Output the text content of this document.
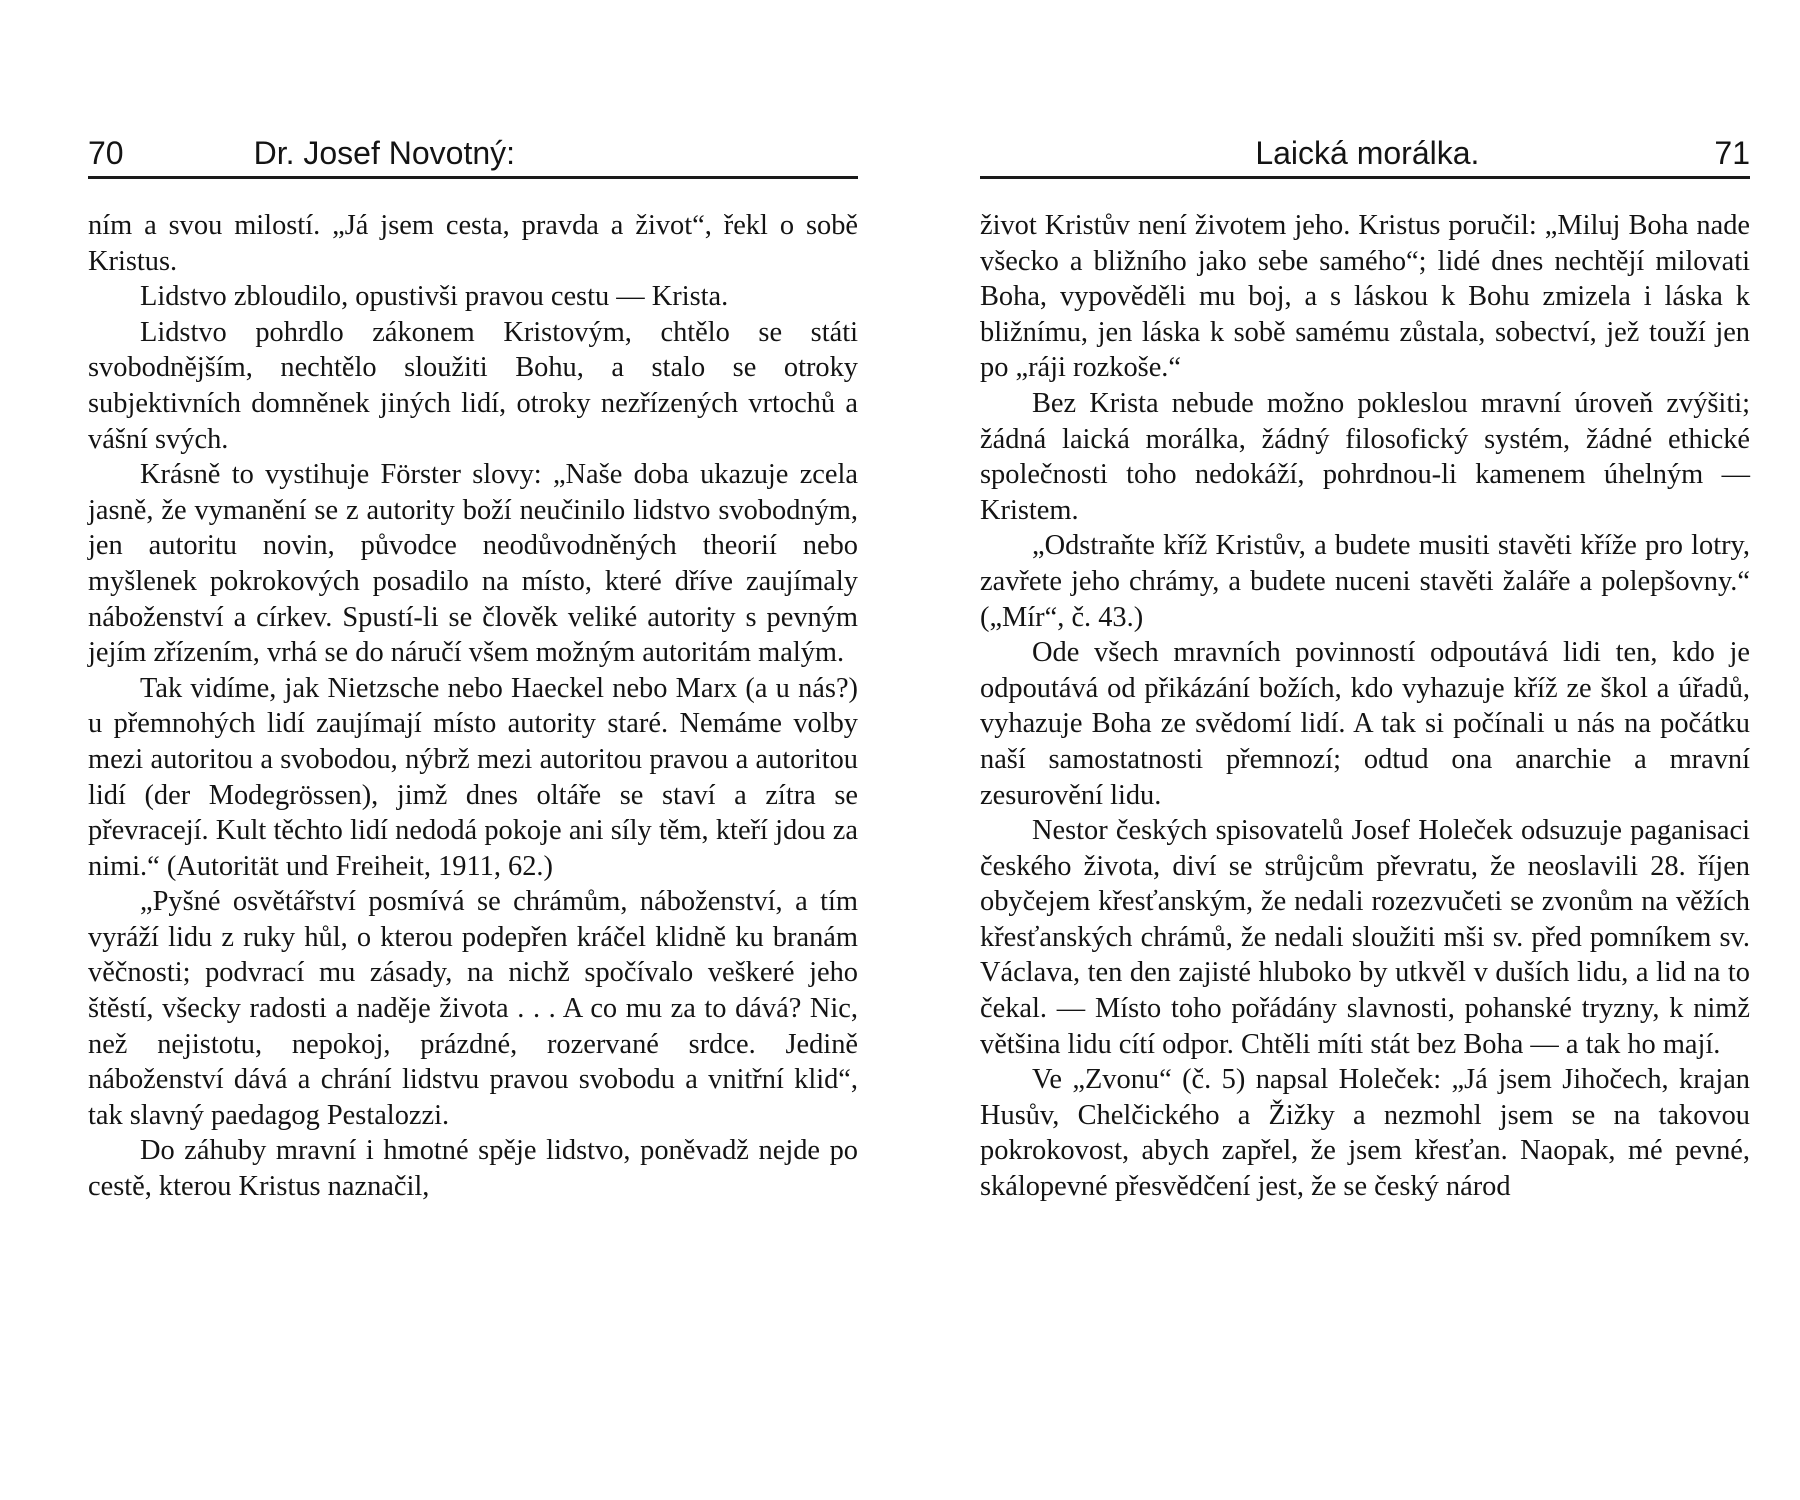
70	Dr. Josef Novotný:

ním a svou milostí. „Já jsem cesta, pravda a život“, řekl o sobě Kristus.

Lidstvo zbloudilo, opustivši pravou cestu — Krista.

Lidstvo pohrdlo zákonem Kristovým, chtělo se státi svobodnějším, nechtělo sloužiti Bohu, a stalo se otroky subjektivních domněnek jiných lidí, otroky nezřízených vrtochů a vášní svých.

Krásně to vystihuje Förster slovy: „Naše doba ukazuje zcela jasně, že vymanění se z autority boží neučinilo lidstvo svobodným, jen autoritu novin, původce neodůvodněných theorií nebo myšlenek pokrokových posadilo na místo, které dříve zaujímaly náboženství a církev. Spustí-li se člověk veliké autority s pevným jejím zřízením, vrhá se do náručí všem možným autoritám malým.

Tak vidíme, jak Nietzsche nebo Haeckel nebo Marx (a u nás?) u přemnohých lidí zaujímají místo autority staré. Nemáme volby mezi autoritou a svobodou, nýbrž mezi autoritou pravou a autoritou lidí (der Modegrössen), jimž dnes oltáře se staví a zítra se převracejí. Kult těchto lidí nedodá pokoje ani síly těm, kteří jdou za nimi.“ (Autorität und Freiheit, 1911, 62.)

„Pyšné osvětářství posmívá se chrámům, náboženství, a tím vyráží lidu z ruky hůl, o kterou podepřen kráčel klidně ku branám věčnosti; podvrací mu zásady, na nichž spočívalo veškeré jeho štěstí, všecky radosti a naděje života . . . A co mu za to dává? Nic, než nejistotu, nepokoj, prázdné, rozervané srdce. Jedině náboženství dává a chrání lidstvu pravou svobodu a vnitřní klid“, tak slavný paedagog Pestalozzi.

Do záhuby mravní i hmotné spěje lidstvo, poněvadž nejde po cestě, kterou Kristus naznačil,

Laická morálka.	71

život Kristův není životem jeho. Kristus poručil: „Miluj Boha nade všecko a bližního jako sebe samého“; lidé dnes nechtějí milovati Boha, vypověděli mu boj, a s láskou k Bohu zmizela i láska k bližnímu, jen láska k sobě samému zůstala, sobectví, jež touží jen po „ráji rozkoše.“

Bez Krista nebude možno pokleslou mravní úroveň zvýšiti; žádná laická morálka, žádný filosofický systém, žádné ethické společnosti toho nedokáží, pohrdnou-li kamenem úhelným — Kristem.

„Odstraňte kříž Kristův, a budete musiti stavěti kříže pro lotry, zavřete jeho chrámy, a budete nuceni stavěti žaláře a polepšovny.“ („Mír“, č. 43.)

Ode všech mravních povinností odpoutává lidi ten, kdo je odpoutává od přikázání božích, kdo vyhazuje kříž ze škol a úřadů, vyhazuje Boha ze svědomí lidí. A tak si počínali u nás na počátku naší samostatnosti přemnozí; odtud ona anarchie a mravní zesurovění lidu.

Nestor českých spisovatelů Josef Holeček odsuzuje paganisaci českého života, diví se strůjcům převratu, že neoslavili 28. říjen obyčejem křesťanským, že nedali rozezvučeti se zvonům na věžích křesťanských chrámů, že nedali sloužiti mši sv. před pomníkem sv. Václava, ten den zajisté hluboko by utkvěl v duších lidu, a lid na to čekal. — Místo toho pořádány slavnosti, pohanské tryzny, k nimž většina lidu cítí odpor. Chtěli míti stát bez Boha — a tak ho mají.

Ve „Zvonu“ (č. 5) napsal Holeček: „Já jsem Jihočech, krajan Husův, Chelčického a Žižky a nezmohl jsem se na takovou pokrokovost, abych zapřel, že jsem křesťan. Naopak, mé pevné, skálopevné přesvědčení jest, že se český národ
